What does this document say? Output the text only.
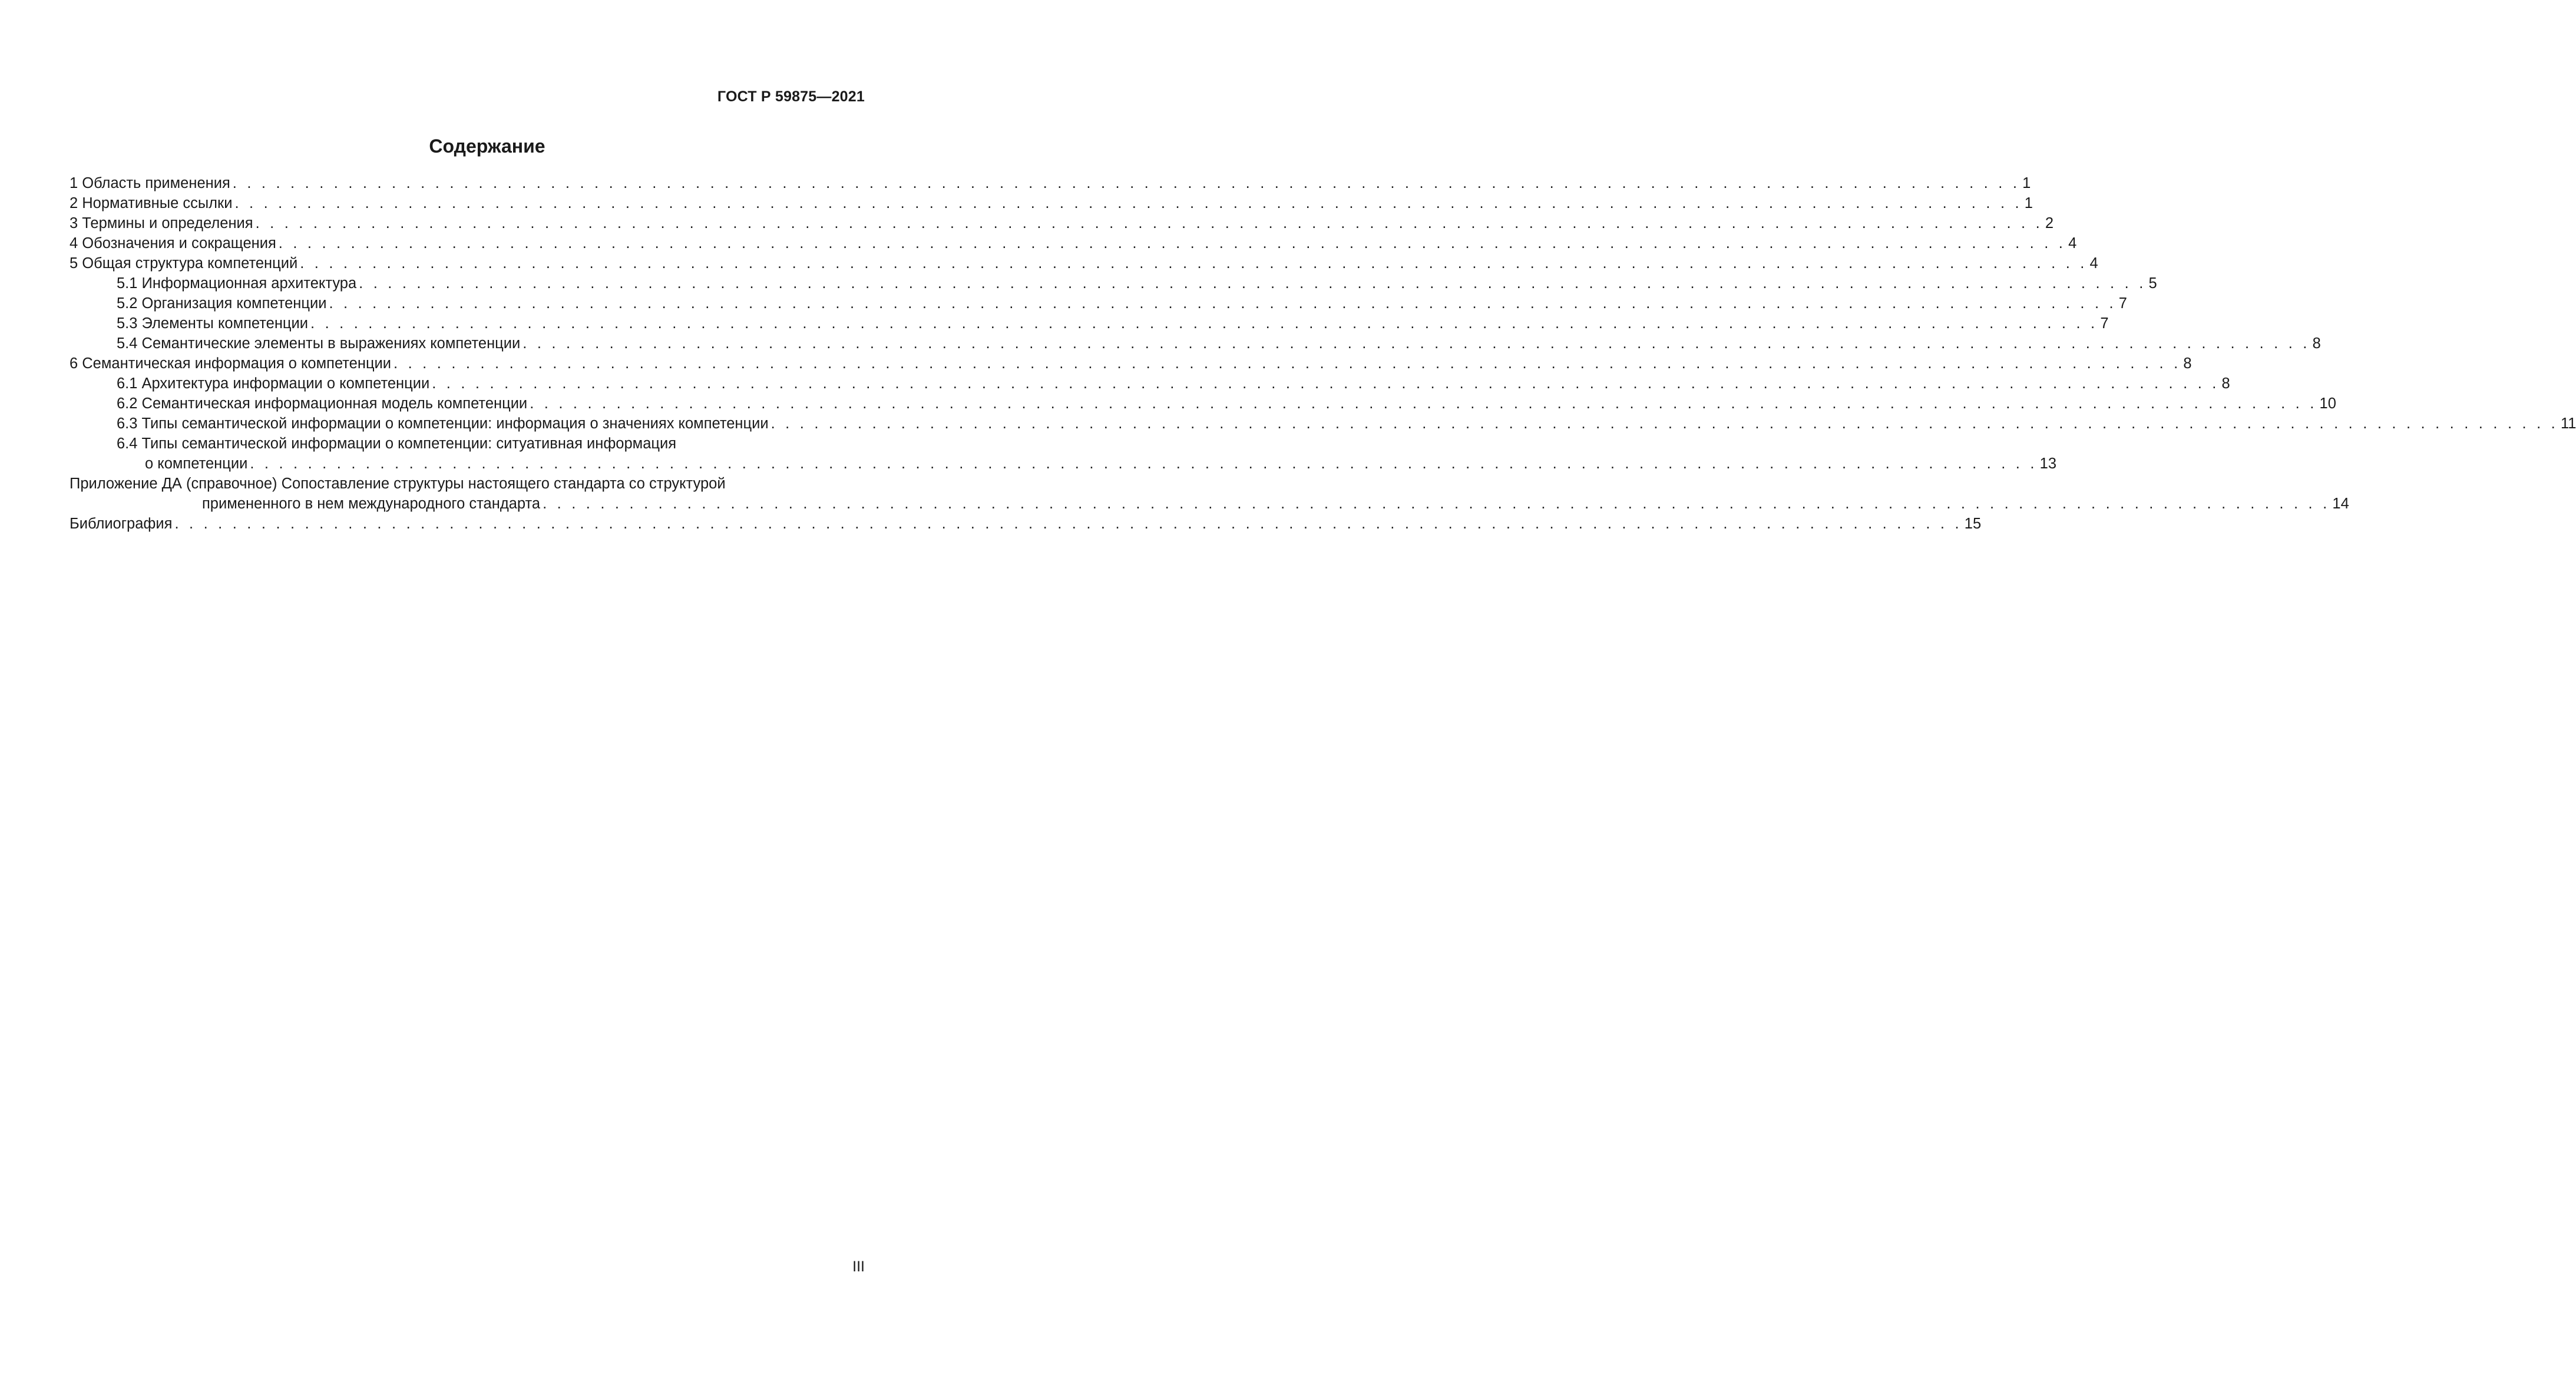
ГОСТ Р 59875—2021
Содержание
1 Область применения . . .	1
2 Нормативные ссылки . . .	1
3 Термины и определения . . .	2
4 Обозначения и сокращения . . .	4
5 Общая структура компетенций . . .	4
5.1 Информационная архитектура . . .	5
5.2 Организация компетенции . . .	7
5.3 Элементы компетенции . . .	7
5.4 Семантические элементы в выражениях компетенции . . .	8
6 Семантическая информация о компетенции . . .	8
6.1 Архитектура информации о компетенции . . .	8
6.2 Семантическая информационная модель компетенции . . .	10
6.3 Типы семантической информации о компетенции: информация о значениях компетенции . . .	11
6.4 Типы семантической информации о компетенции: ситуативная информация
о компетенции . . .	13
Приложение ДА (справочное) Сопоставление структуры настоящего стандарта со структурой
примененного в нем международного стандарта . . .	14
Библиография . . .	15
III
